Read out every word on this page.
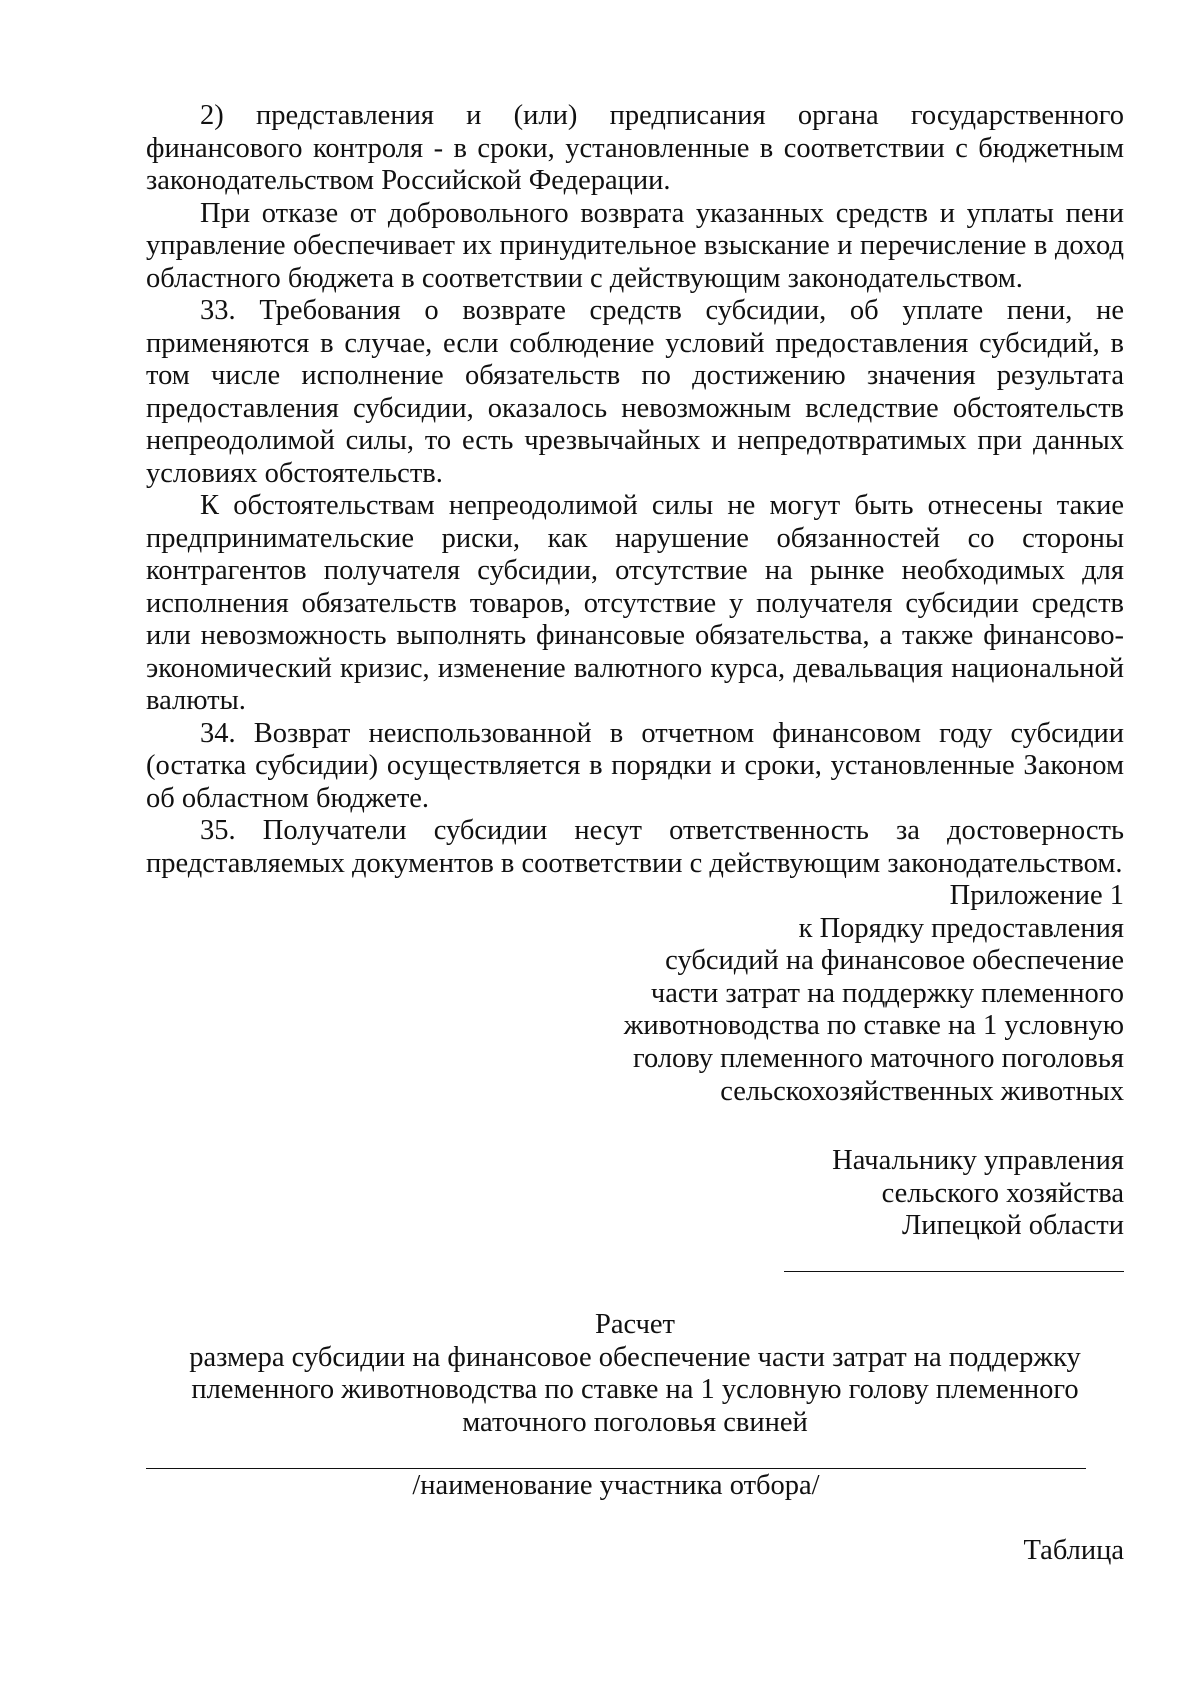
2) представления и (или) предписания органа государственного финансового контроля - в сроки, установленные в соответствии с бюджетным законодательством Российской Федерации.

При отказе от добровольного возврата указанных средств и уплаты пени управление обеспечивает их принудительное взыскание и перечисление в доход областного бюджета в соответствии с действующим законодательством.

33. Требования о возврате средств субсидии, об уплате пени, не применяются в случае, если соблюдение условий предоставления субсидий, в том числе исполнение обязательств по достижению значения результата предоставления субсидии, оказалось невозможным вследствие обстоятельств непреодолимой силы, то есть чрезвычайных и непредотвратимых при данных условиях обстоятельств.

К обстоятельствам непреодолимой силы не могут быть отнесены такие предпринимательские риски, как нарушение обязанностей со стороны контрагентов получателя субсидии, отсутствие на рынке необходимых для исполнения обязательств товаров, отсутствие у получателя субсидии средств или невозможность выполнять финансовые обязательства, а также финансово-экономический кризис, изменение валютного курса, девальвация национальной валюты.

34. Возврат неиспользованной в отчетном финансовом году субсидии (остатка субсидии) осуществляется в порядки и сроки, установленные Законом об областном бюджете.

35. Получатели субсидии несут ответственность за достоверность представляемых документов в соответствии с действующим законодательством.

Приложение 1
к Порядку предоставления
субсидий на финансовое обеспечение
части затрат на поддержку племенного
животноводства по ставке на 1 условную
голову племенного маточного поголовья
сельскохозяйственных животных
Начальнику управления
сельского хозяйства
Липецкой области
Расчет
размера субсидии на финансовое обеспечение части затрат на поддержку племенного животноводства по ставке на 1 условную голову племенного маточного поголовья свиней
/наименование участника отбора/
Таблица
